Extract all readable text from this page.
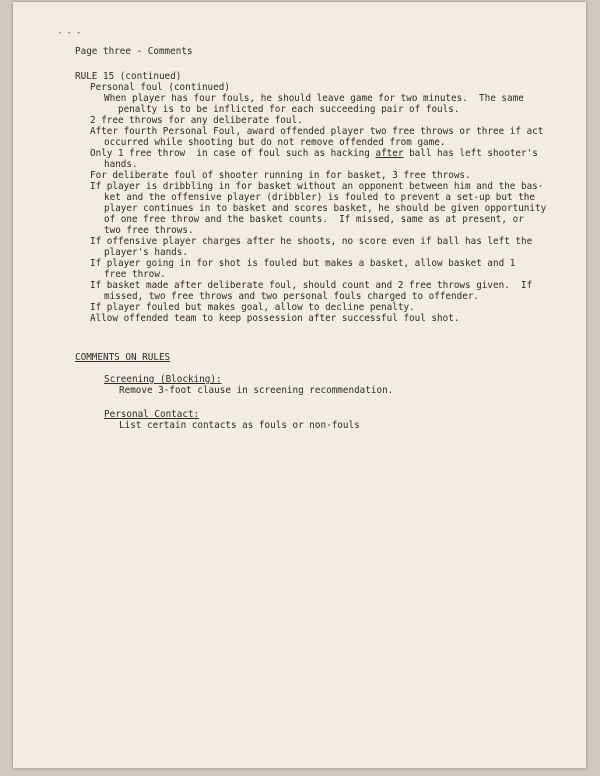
• • •
Page three - Comments
RULE 15 (continued)
Personal foul (continued)
COMMENTS ON RULES
When player has four fouls, he should leave game for two minutes.  The same
penalty is to be inflicted for each succeeding pair of fouls.
2 free throws for any deliberate foul.
After fourth Personal Foul, award offended player two free throws or three if act
occurred while shooting but do not remove offended from game.
Only 1 free throw  in case of foul such as hacking after ball has left shooter's
hands.
For deliberate foul of shooter running in for basket, 3 free throws.
If player is dribbling in for basket without an opponent between him and the bas-
ket and the offensive player (dribbler) is fouled to prevent a set-up but the
player continues in to basket and scores basket, he should be given opportunity
of one free throw and the basket counts.  If missed, same as at present, or
two free throws.
If offensive player charges after he shoots, no score even if ball has left the
player's hands.
If player going in for shot is fouled but makes a basket, allow basket and 1
free throw.
If basket made after deliberate foul, should count and 2 free throws given.  If
missed, two free throws and two personal fouls charged to offender.
If player fouled but makes goal, allow to decline penalty.
Allow offended team to keep possession after successful foul shot.
Screening (Blocking):
Remove 3-foot clause in screening recommendation.
Personal Contact:
List certain contacts as fouls or non-fouls
